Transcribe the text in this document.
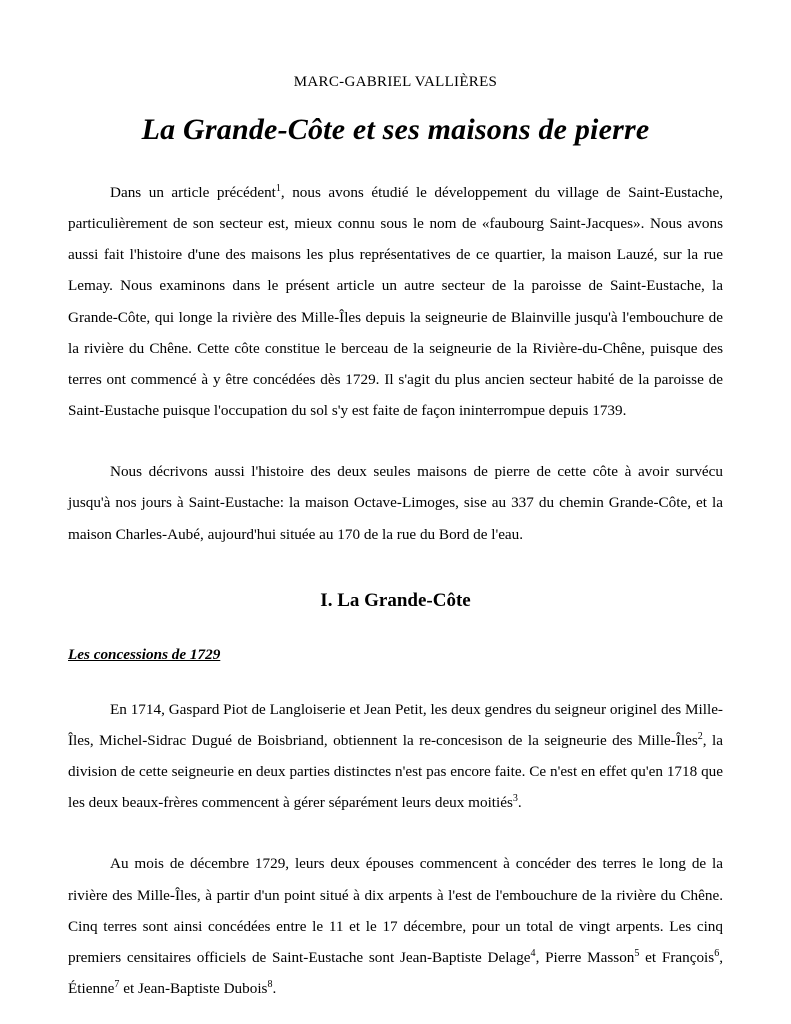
MARC-GABRIEL VALLIÈRES
La Grande-Côte et ses maisons de pierre

Dans un article précédent$^1$, nous avons étudié le développement du village de Saint-Eustache, particulièrement de son secteur est, mieux connu sous le nom de «faubourg Saint-Jacques». Nous avons aussi fait l'histoire d'une des maisons les plus représentatives de ce quartier, la maison Lauzé, sur la rue Lemay. Nous examinons dans le présent article un autre secteur de la paroisse de Saint-Eustache, la Grande-Côte, qui longe la rivière des Mille-Îles depuis la seigneurie de Blainville jusqu'à l'embouchure de la rivière du Chêne. Cette côte constitue le berceau de la seigneurie de la Rivière-du-Chêne, puisque des terres ont commencé à y être concédées dès 1729. Il s'agit du plus ancien secteur habité de la paroisse de Saint-Eustache puisque l'occupation du sol s'y est faite de façon ininterrompue depuis 1739.

Nous décrivons aussi l'histoire des deux seules maisons de pierre de cette côte à avoir survécu jusqu'à nos jours à Saint-Eustache: la maison Octave-Limoges, sise au 337 du chemin Grande-Côte, et la maison Charles-Aubé, aujourd'hui située au 170 de la rue du Bord de l'eau.

I. La Grande-Côte
Les concessions de 1729

En 1714, Gaspard Piot de Langloiserie et Jean Petit, les deux gendres du seigneur originel des Mille-Îles, Michel-Sidrac Dugué de Boisbriand, obtiennent la re-concesison de la seigneurie des Mille-Îles$^2$, la division de cette seigneurie en deux parties distinctes n'est pas encore faite. Ce n'est en effet qu'en 1718 que les deux beaux-frères commencent à gérer séparément leurs deux moitiés$^3$.

Au mois de décembre 1729, leurs deux épouses commencent à concéder des terres le long de la rivière des Mille-Îles, à partir d'un point situé à dix arpents à l'est de l'embouchure de la rivière du Chêne. Cinq terres sont ainsi concédées entre le 11 et le 17 décembre, pour un total de vingt arpents. Les cinq premiers censitaires officiels de Saint-Eustache sont Jean-Baptiste Delage$^4$, Pierre Masson$^5$ et François$^6$, Étienne$^7$ et Jean-Baptiste Dubois$^8$.
